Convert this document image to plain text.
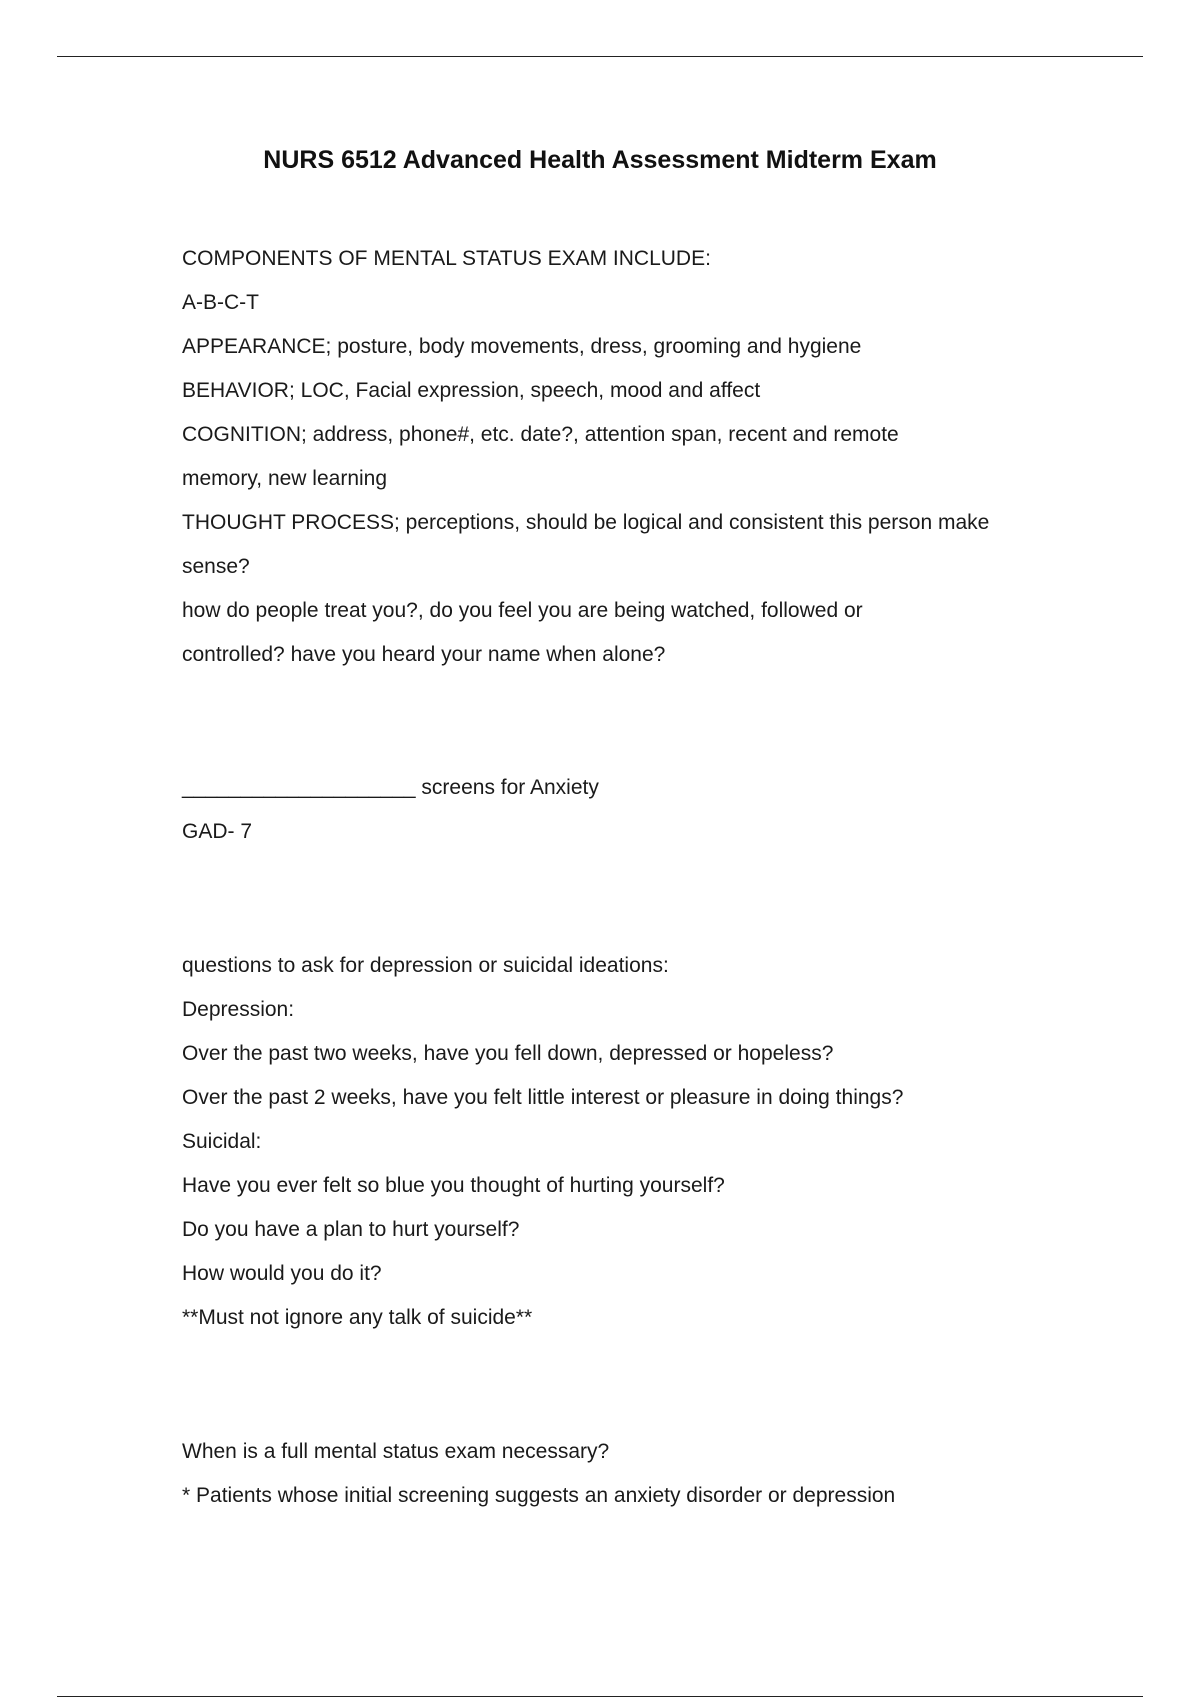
NURS 6512 Advanced Health Assessment Midterm Exam
COMPONENTS OF MENTAL STATUS EXAM INCLUDE:
A-B-C-T
APPEARANCE; posture, body movements, dress, grooming and hygiene
BEHAVIOR; LOC, Facial expression, speech, mood and affect
COGNITION; address, phone#, etc. date?, attention span, recent and remote
memory, new learning
THOUGHT PROCESS; perceptions, should be logical and consistent this person make
sense?
how do people treat you?, do you feel you are being watched, followed or
controlled? have you heard your name when alone?
____________________ screens for Anxiety
GAD- 7
questions to ask for depression or suicidal ideations:
Depression:
Over the past two weeks, have you fell down, depressed or hopeless?
Over the past 2 weeks, have you felt little interest or pleasure in doing things?
Suicidal:
Have you ever felt so blue you thought of hurting yourself?
Do you have a plan to hurt yourself?
How would you do it?
**Must not ignore any talk of suicide**
When is a full mental status exam necessary?
* Patients whose initial screening suggests an anxiety disorder or depression
